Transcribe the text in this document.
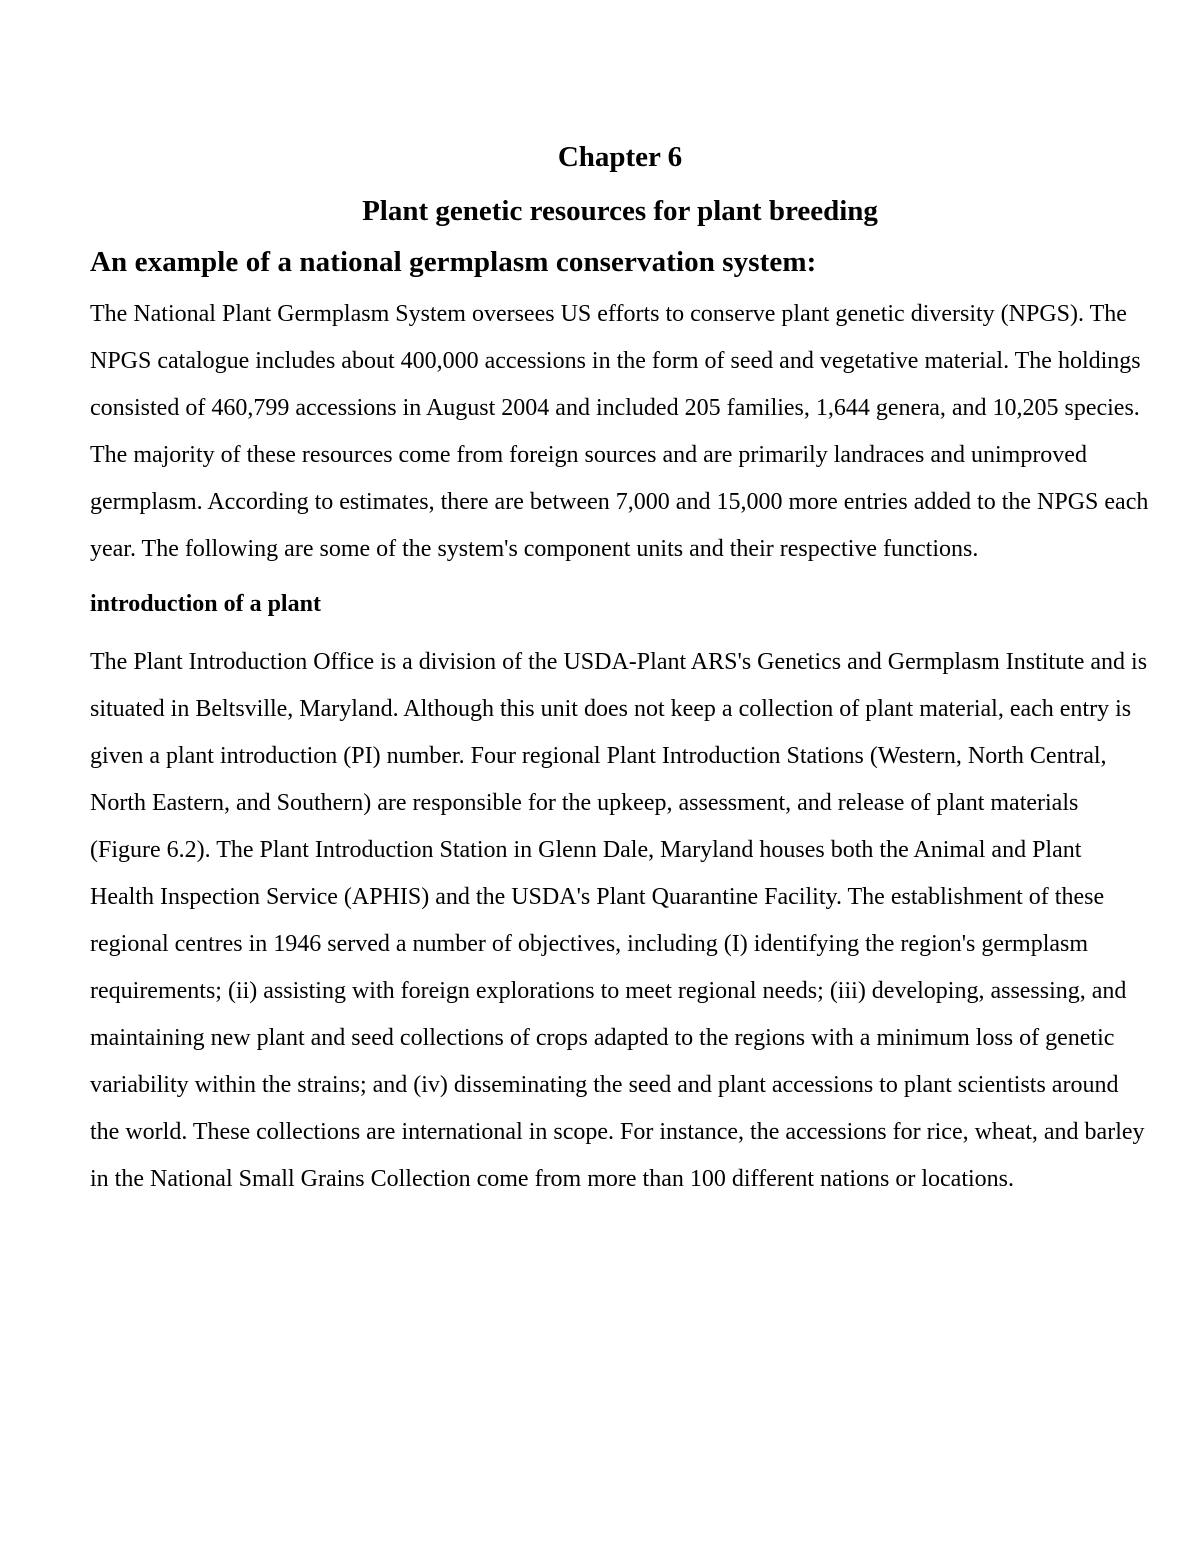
Chapter 6
Plant genetic resources for plant breeding
An example of a national germplasm conservation system:

The National Plant Germplasm System oversees US efforts to conserve plant genetic diversity (NPGS). The NPGS catalogue includes about 400,000 accessions in the form of seed and vegetative material. The holdings consisted of 460,799 accessions in August 2004 and included 205 families, 1,644 genera, and 10,205 species. The majority of these resources come from foreign sources and are primarily landraces and unimproved germplasm. According to estimates, there are between 7,000 and 15,000 more entries added to the NPGS each year. The following are some of the system's component units and their respective functions.

introduction of a plant

The Plant Introduction Office is a division of the USDA-Plant ARS's Genetics and Germplasm Institute and is situated in Beltsville, Maryland. Although this unit does not keep a collection of plant material, each entry is given a plant introduction (PI) number. Four regional Plant Introduction Stations (Western, North Central, North Eastern, and Southern) are responsible for the upkeep, assessment, and release of plant materials (Figure 6.2). The Plant Introduction Station in Glenn Dale, Maryland houses both the Animal and Plant Health Inspection Service (APHIS) and the USDA's Plant Quarantine Facility. The establishment of these regional centres in 1946 served a number of objectives, including (I) identifying the region's germplasm requirements; (ii) assisting with foreign explorations to meet regional needs; (iii) developing, assessing, and maintaining new plant and seed collections of crops adapted to the regions with a minimum loss of genetic variability within the strains; and (iv) disseminating the seed and plant accessions to plant scientists around the world. These collections are international in scope. For instance, the accessions for rice, wheat, and barley in the National Small Grains Collection come from more than 100 different nations or locations.
